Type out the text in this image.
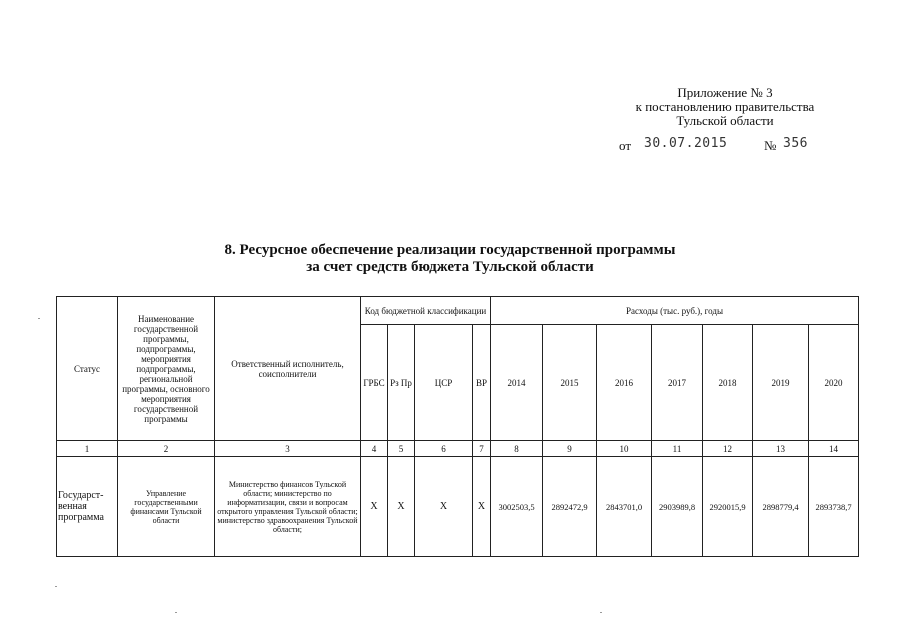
Приложение № 3
к постановлению правительства
Тульской области
от 30.07.2015	№ 356
8. Ресурсное обеспечение реализации государственной программы
за счет средств бюджета Тульской области
Статус	Наименование государственной программы, подпрограммы, мероприятия подпрограммы, региональной программы, основного мероприятия государственной программы	Ответственный исполнитель, соисполнители	Код бюджетной классификации				Расходы (тыс. руб.), годы						
			ГРБС	Рз Пр	ЦСР	ВР	2014	2015	2016	2017	2018	2019	2020
1	2	3	4	5	6	7	8	9	10	11	12	13	14
Государст-венная программа	Управление государственными финансами Тульской области	Министерство финансов Тульской области; министерство по информатизации, связи и вопросам открытого управления Тульской области; министерство здравоохранения Тульской области;	X	X	X	X	3002503,5	2892472,9	2843701,0	2903989,8	2920015,9	2898779,4	2893738,7
